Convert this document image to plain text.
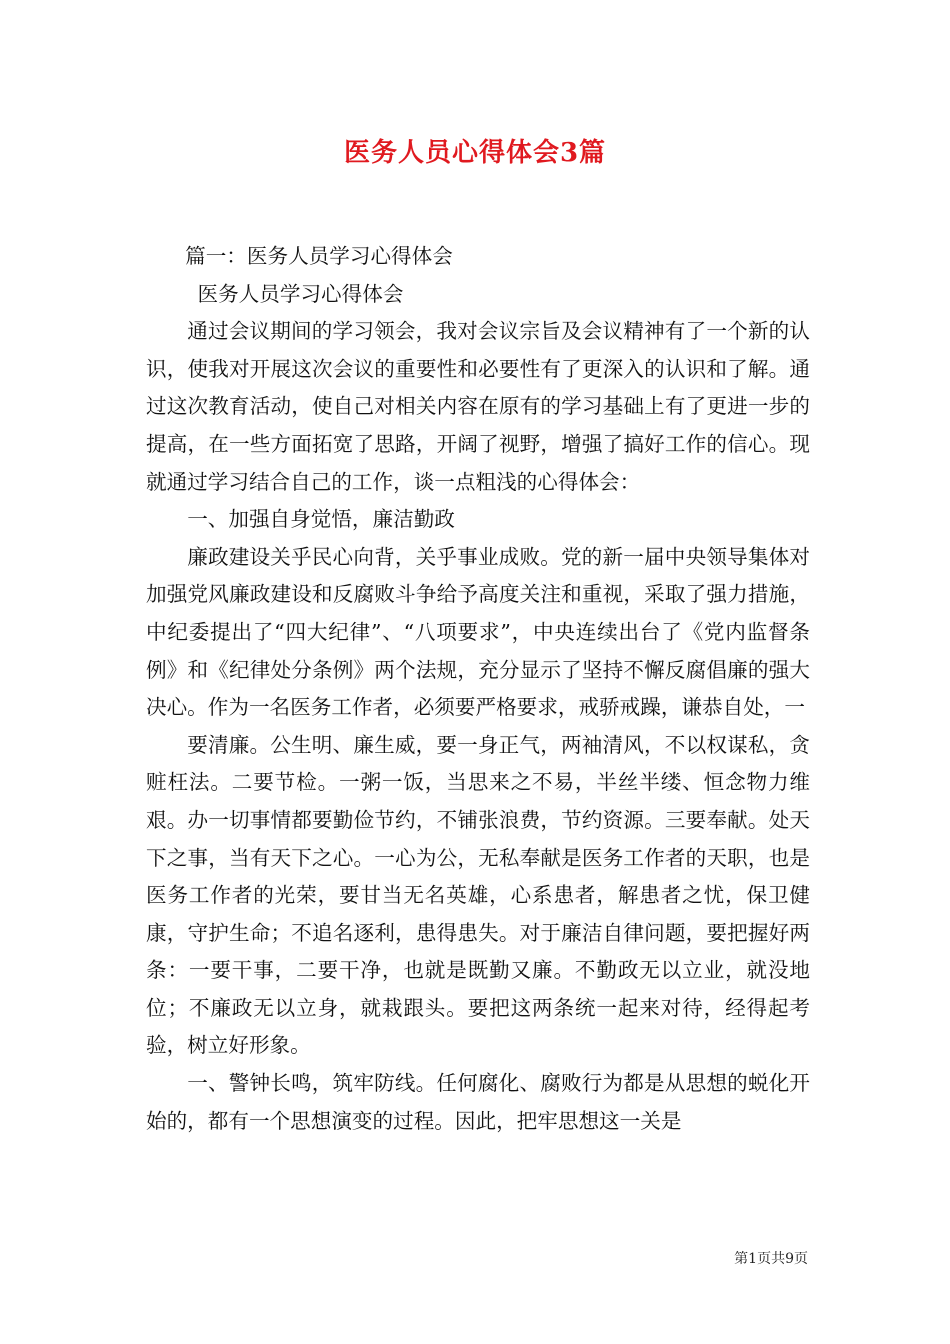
医务人员心得体会3篇

篇一：医务人员学习心得体会

医务人员学习心得体会

通过会议期间的学习领会，我对会议宗旨及会议精神有了一个新的认识，使我对开展这次会议的重要性和必要性有了更深入的认识和了解。通过这次教育活动，使自己对相关内容在原有的学习基础上有了更进一步的提高，在一些方面拓宽了思路，开阔了视野，增强了搞好工作的信心。现就通过学习结合自己的工作，谈一点粗浅的心得体会：

一、加强自身觉悟，廉洁勤政

廉政建设关乎民心向背，关乎事业成败。党的新一届中央领导集体对加强党风廉政建设和反腐败斗争给予高度关注和重视，采取了强力措施，中纪委提出了“四大纪律”、“八项要求”，中央连续出台了《党内监督条例》和《纪律处分条例》两个法规，充分显示了坚持不懈反腐倡廉的强大决心。作为一名医务工作者，必须要严格要求，戒骄戒躁，谦恭自处，一

要清廉。公生明、廉生威，要一身正气，两袖清风，不以权谋私，贪赃枉法。二要节检。一粥一饭，当思来之不易，半丝半缕、恒念物力维艰。办一切事情都要勤俭节约，不铺张浪费，节约资源。三要奉献。处天下之事，当有天下之心。一心为公，无私奉献是医务工作者的天职，也是医务工作者的光荣，要甘当无名英雄，心系患者，解患者之忧，保卫健康，守护生命；不追名逐利，患得患失。对于廉洁自律问题，要把握好两条：一要干事，二要干净，也就是既勤又廉。不勤政无以立业，就没地位；不廉政无以立身，就栽跟头。要把这两条统一起来对待，经得起考验，树立好形象。

一、警钟长鸣，筑牢防线。任何腐化、腐败行为都是从思想的蜕化开始的，都有一个思想演变的过程。因此，把牢思想这一关是

第1页共9页
